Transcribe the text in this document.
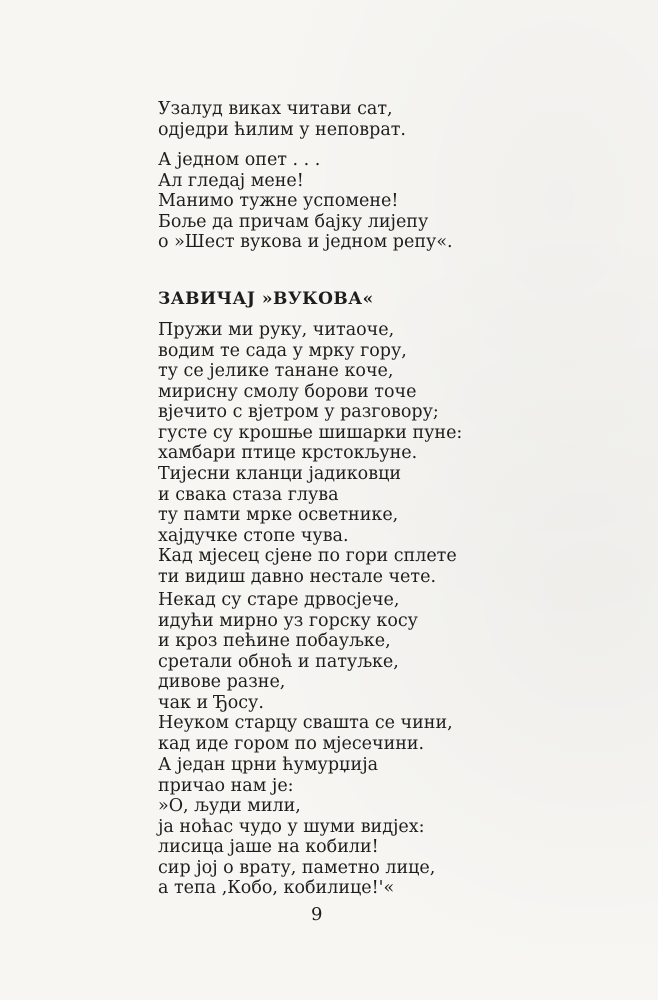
Узалуд виках читави сат,
одједри ћилим у неповрат.
А једном опет . . .
Ал гледај мене!
Манимо тужне успомене!
Боље да причам бајку лијепу
о »Шест вукова и једном репу«.
ЗАВИЧАЈ »ВУКОВА«
Пружи ми руку, читаоче,
водим те сада у мрку гору,
ту се јелике танане коче,
мирисну смолу борови точе
вјечито с вјетром у разговору;
густе су крошње шишарки пуне:
хамбари птице крстокљуне.
Тијесни кланци јадиковци
и свака стаза глува
ту памти мрке осветнике,
хајдучке стопе чува.
Кад мјесец сјене по гори сплете
ти видиш давно нестале чете.
Некад су старе дрвосјече,
идући мирно уз горску косу
и кроз пећине побауљке,
сретали обноћ и патуљке,
дивове разне,
чак и Ђосу.
Неуком старцу свашта се чини,
кад иде гором по мјесечини.
А један црни ћумурџија
причао нам је:
»О, људи мили,
ја ноћас чудо у шуми видјех:
лисица јаше на кобили!
сир јој о врату, паметно лице,
а тепа ,Кобо, кобилице!'«
9
